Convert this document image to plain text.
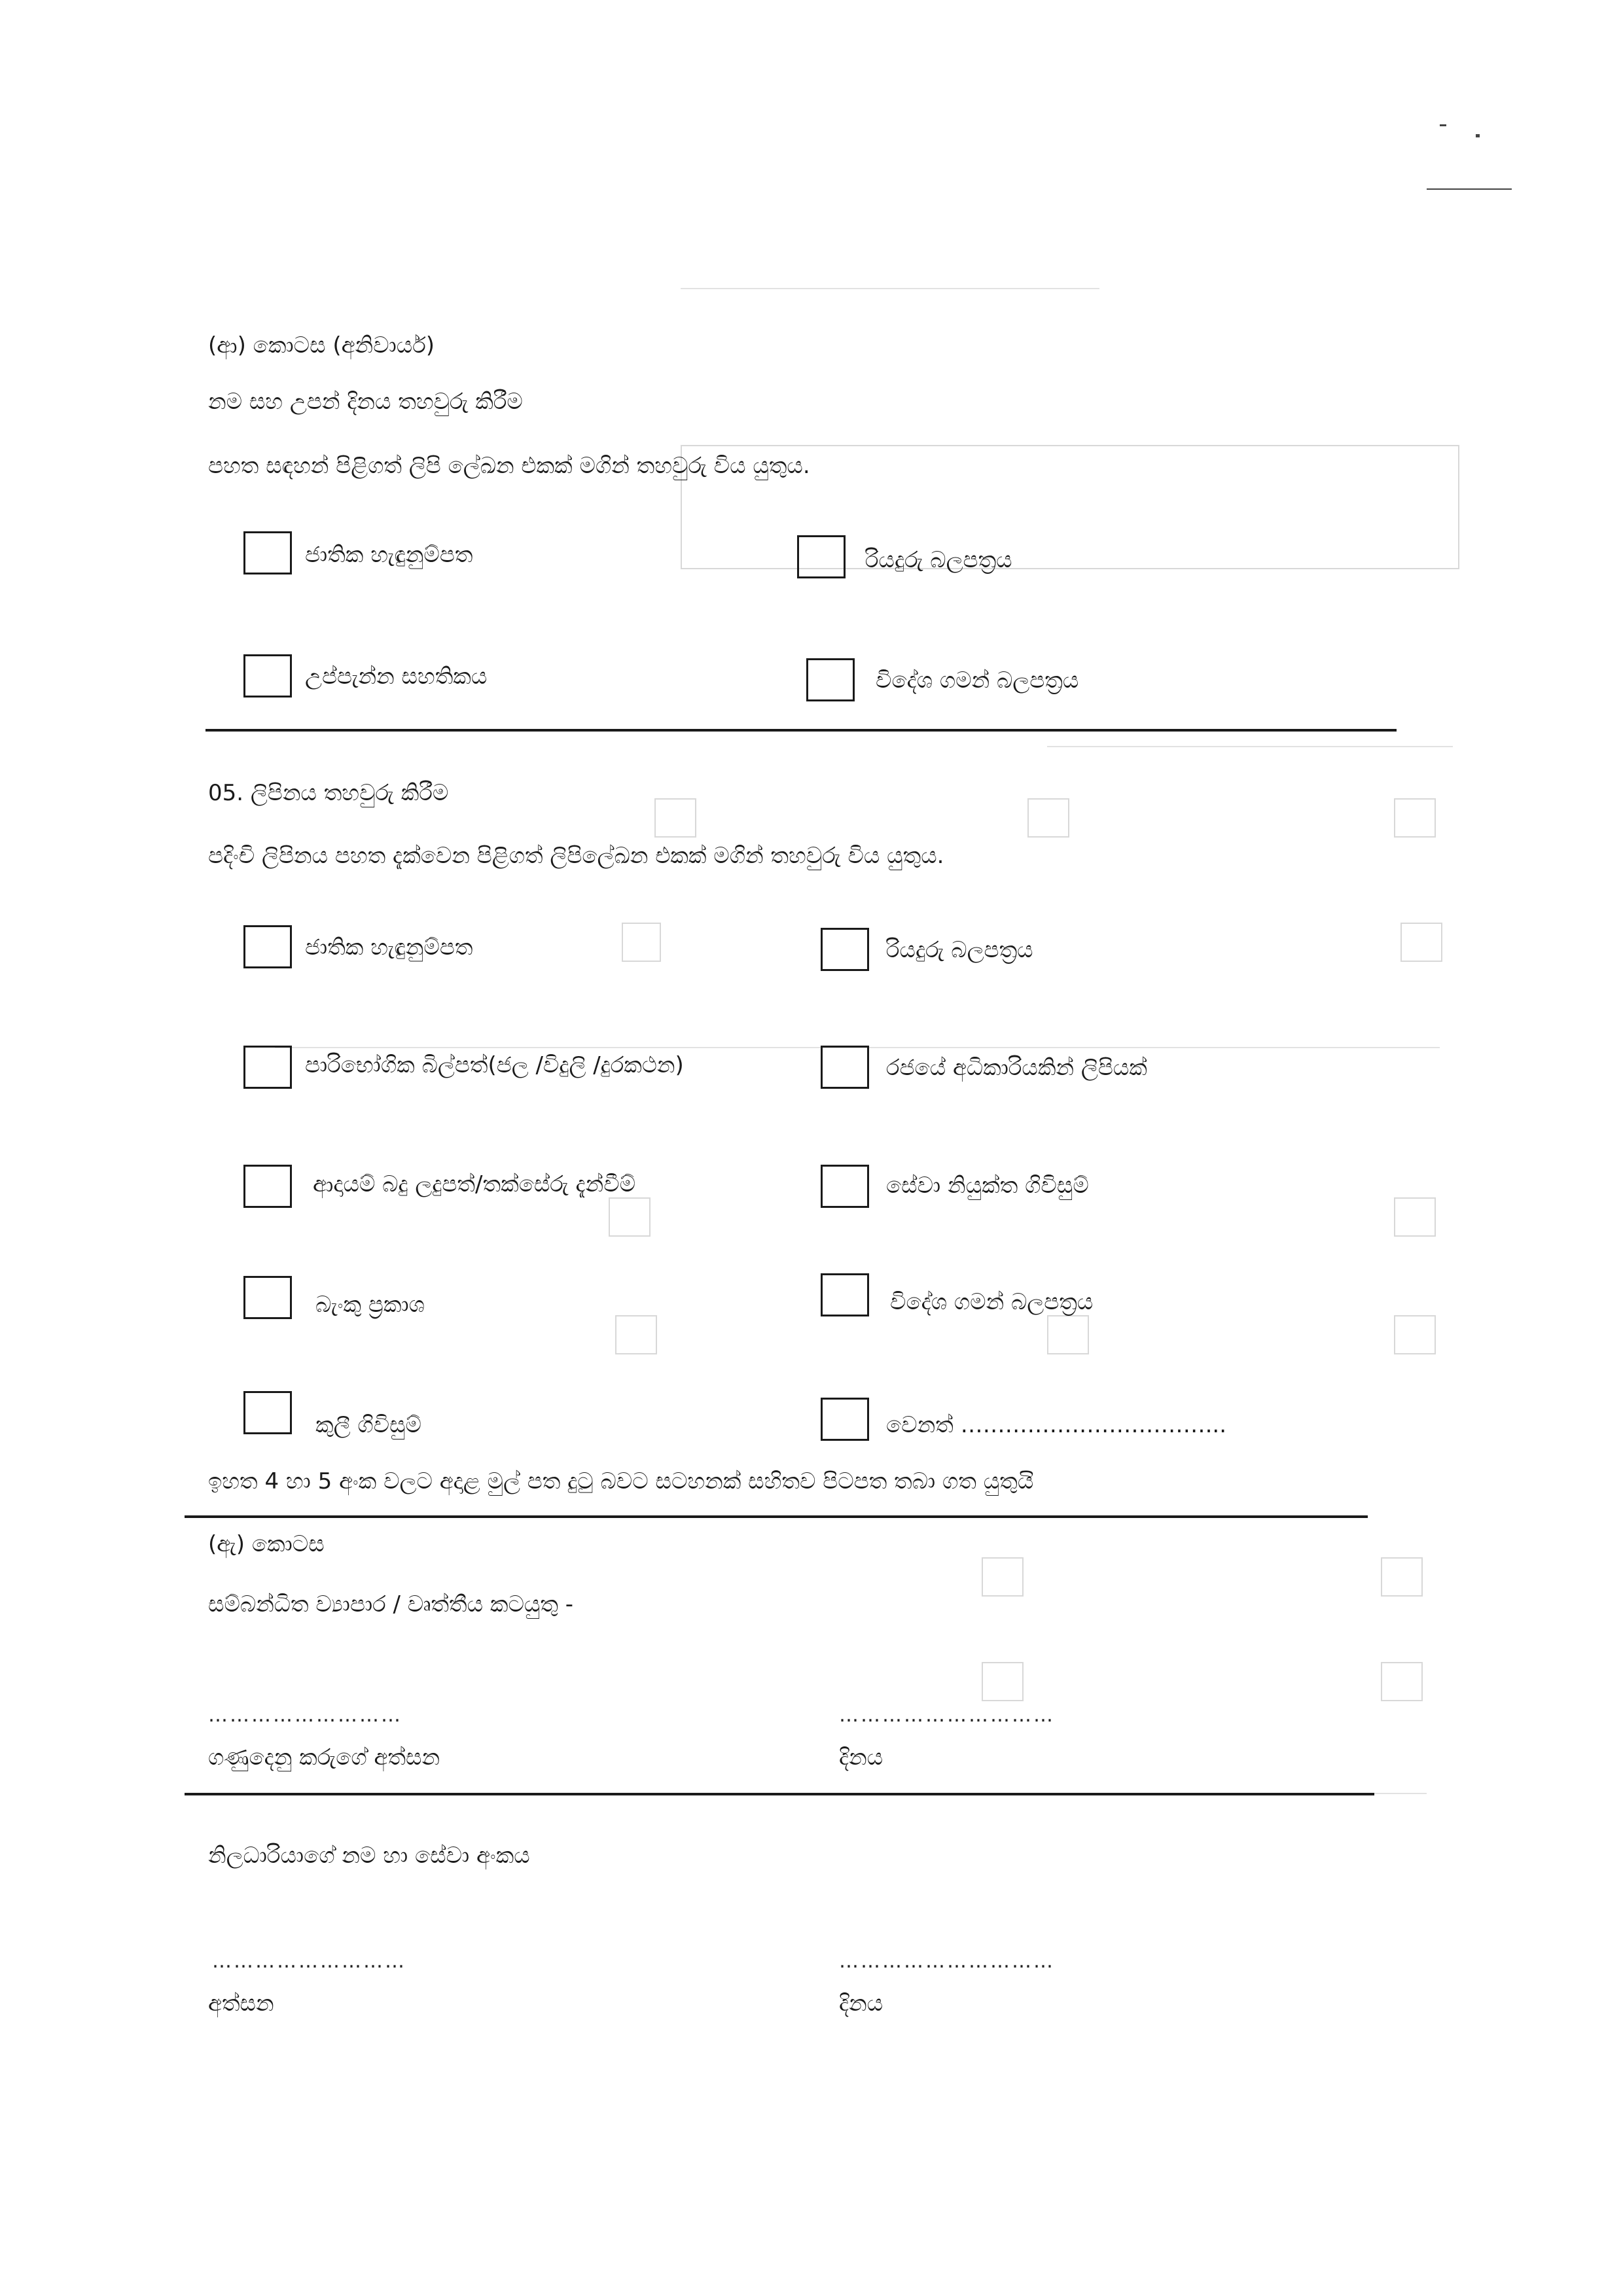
(ආ) කොටස (අනිවාර්ය)
නම සහ උපන් දිනය තහවුරු කිරීම
පහත සඳහන් පිළිගත් ලිපි ලේඛන එකක් මගින් තහවුරු විය යුතුය.
ජාතික හැඳුනුම්පත	රියදුරු බලපත්‍රය
උප්පැන්න සහතිකය	විදේශ ගමන් බලපත්‍රය
05. ලිපිනය තහවුරු කිරීම
පදිංචි ලිපිනය පහත දැක්වෙන පිළිගත් ලිපිලේඛන එකක් මගින් තහවුරු විය යුතුය.
ජාතික හැඳුනුම්පත	රියදුරු බලපත්‍රය
පාරිභෝගික බිල්පත්(ජල /විදුලි /දුරකථන)	රජයේ අධිකාරියකින් ලිපියක්
ආදායම් බදු ලදුපත්/තක්සේරු දැන්වීම්	සේවා නියුක්ත ගිවිසුම්
බැංකු ප්‍රකාශ	විදේශ ගමන් බලපත්‍රය
කුලී ගිවිසුම්	වෙනත් ……………………………...
ඉහත 4 හා 5 අංක වලට අදාළ මුල් පත දුටු බවට සටහනක් සහිතව පිටපත තබා ගත යුතුයි
(ඇ) කොටස
සම්බන්ධිත ව්‍යාපාර / වෘත්තීය කටයුතු -
………………………	…………………………
ගණුදෙනු කරුගේ අත්සන	දිනය
නිලධාරියාගේ නම හා සේවා අංකය
………………………	…………………………
අත්සන	දිනය
